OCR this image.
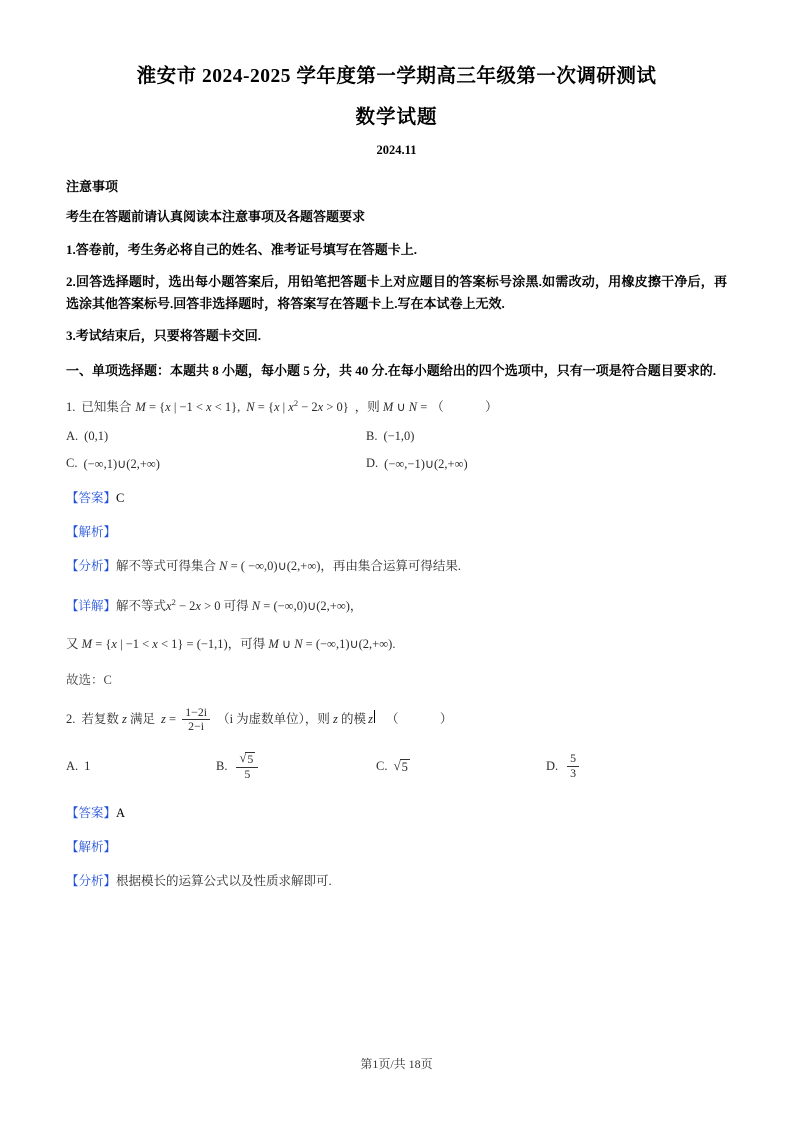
淮安市 2024-2025 学年度第一学期高三年级第一次调研测试
数学试题
2024.11
注意事项
考生在答题前请认真阅读本注意事项及各题答题要求
1.答卷前，考生务必将自己的姓名、准考证号填写在答题卡上.
2.回答选择题时，选出每小题答案后，用铅笔把答题卡上对应题目的答案标号涂黑.如需改动，用橡皮擦干净后，再选涂其他答案标号.回答非选择题时，将答案写在答题卡上.写在本试卷上无效.
3.考试结束后，只要将答题卡交回.
一、单项选择题：本题共 8 小题，每小题 5 分，共 40 分.在每小题给出的四个选项中，只有一项是符合题目要求的.
1. 已知集合 M = {x | −1 < x < 1} , N = {x | $x^2 - 2x > 0$} ，则 M ∪ N = （   ）
A. (0,1)	B. (−1,0)
C. (−∞,1)∪(2,+∞)	D. (−∞,−1)∪(2,+∞)
【答案】C
【解析】
【分析】解不等式可得集合 N = ( −∞,0)∪(2,+∞)，再由集合运算可得结果.
【详解】解不等式$x^2 - 2x > 0$ 可得 N = (−∞,0)∪(2,+∞)，
又 M = {x | −1 < x < 1} = (−1,1)，可得 M ∪ N = (−∞,1)∪(2,+∞).
故选：C
2. 若复数 z 满足 $z = \frac{1-2i}{2-i} (i$ 为虚数单位），则 z 的模 z （   ）
A. 1	B. $\frac{√ 5}{5}$	C. √ 5	D. $\frac{5}{3}$
【答案】A
【解析】
【分析】根据模长的运算公式以及性质求解即可.
第1页/共 18页
